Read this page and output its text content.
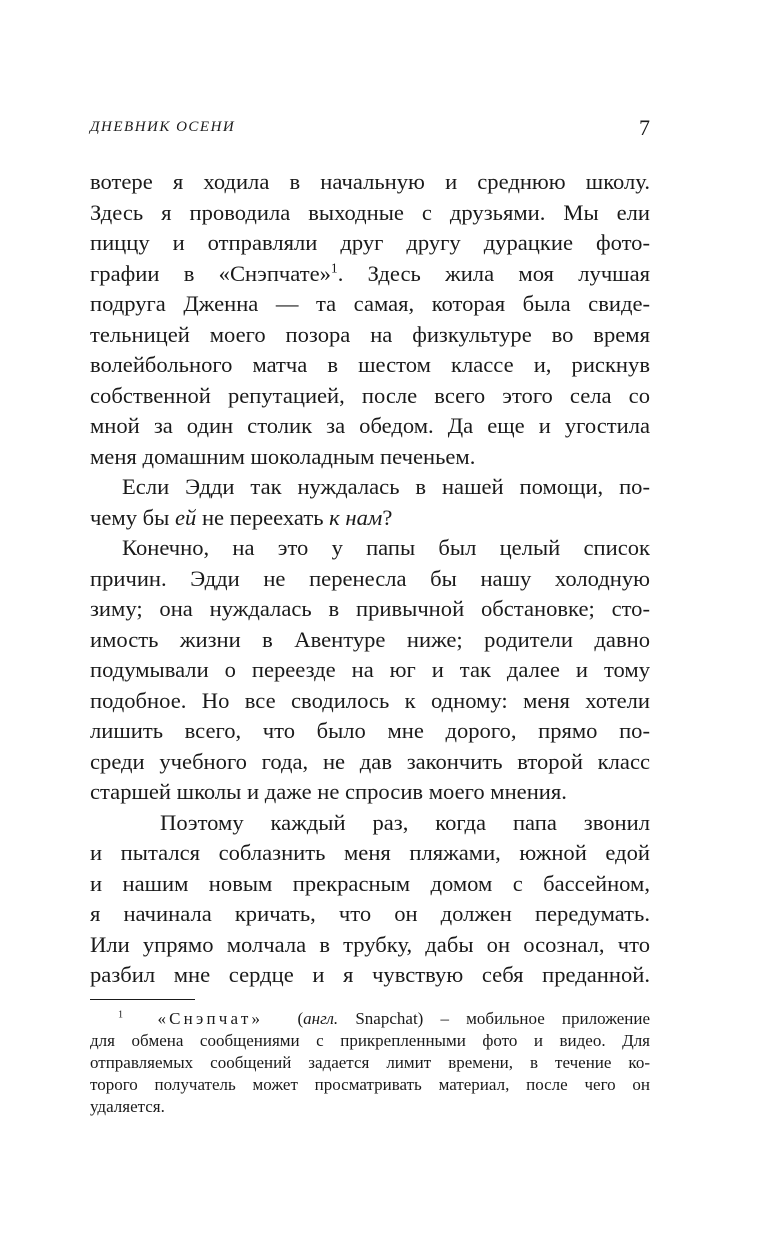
ДНЕВНИК ОСЕНИ	7
вотере я ходила в начальную и среднюю школу.
Здесь я проводила выходные с друзьями. Мы ели
пиццу и отправляли друг другу дурацкие фото-
графии в «Снэпчате»$^1$. Здесь жила моя лучшая
подруга Дженна — та самая, которая была свиде-
тельницей моего позора на физкультуре во время
волейбольного матча в шестом классе и, рискнув
собственной репутацией, после всего этого села со
мной за один столик за обедом. Да еще и угостила
меня домашним шоколадным печеньем.
Если Эдди так нуждалась в нашей помощи, по-
чему бы ей не переехать к нам?
Конечно, на это у папы был целый список
причин. Эдди не перенесла бы нашу холодную
зиму; она нуждалась в привычной обстановке; сто-
имость жизни в Авентуре ниже; родители давно
подумывали о переезде на юг и так далее и тому
подобное. Но все сводилось к одному: меня хотели
лишить всего, что было мне дорого, прямо по-
среди учебного года, не дав закончить второй класс
старшей школы и даже не спросив моего мнения.
Поэтому каждый раз, когда папа звонил
и пытался соблазнить меня пляжами, южной едой
и нашим новым прекрасным домом с бассейном,
я начинала кричать, что он должен передумать.
Или упрямо молчала в трубку, дабы он осознал, что
разбил мне сердце и я чувствую себя преданной.
$^1$ «Снэпчат» (англ. Snapchat) – мобильное приложение
для обмена сообщениями с прикрепленными фото и видео. Для
отправляемых сообщений задается лимит времени, в течение ко-
торого получатель может просматривать материал, после чего он
удаляется.
